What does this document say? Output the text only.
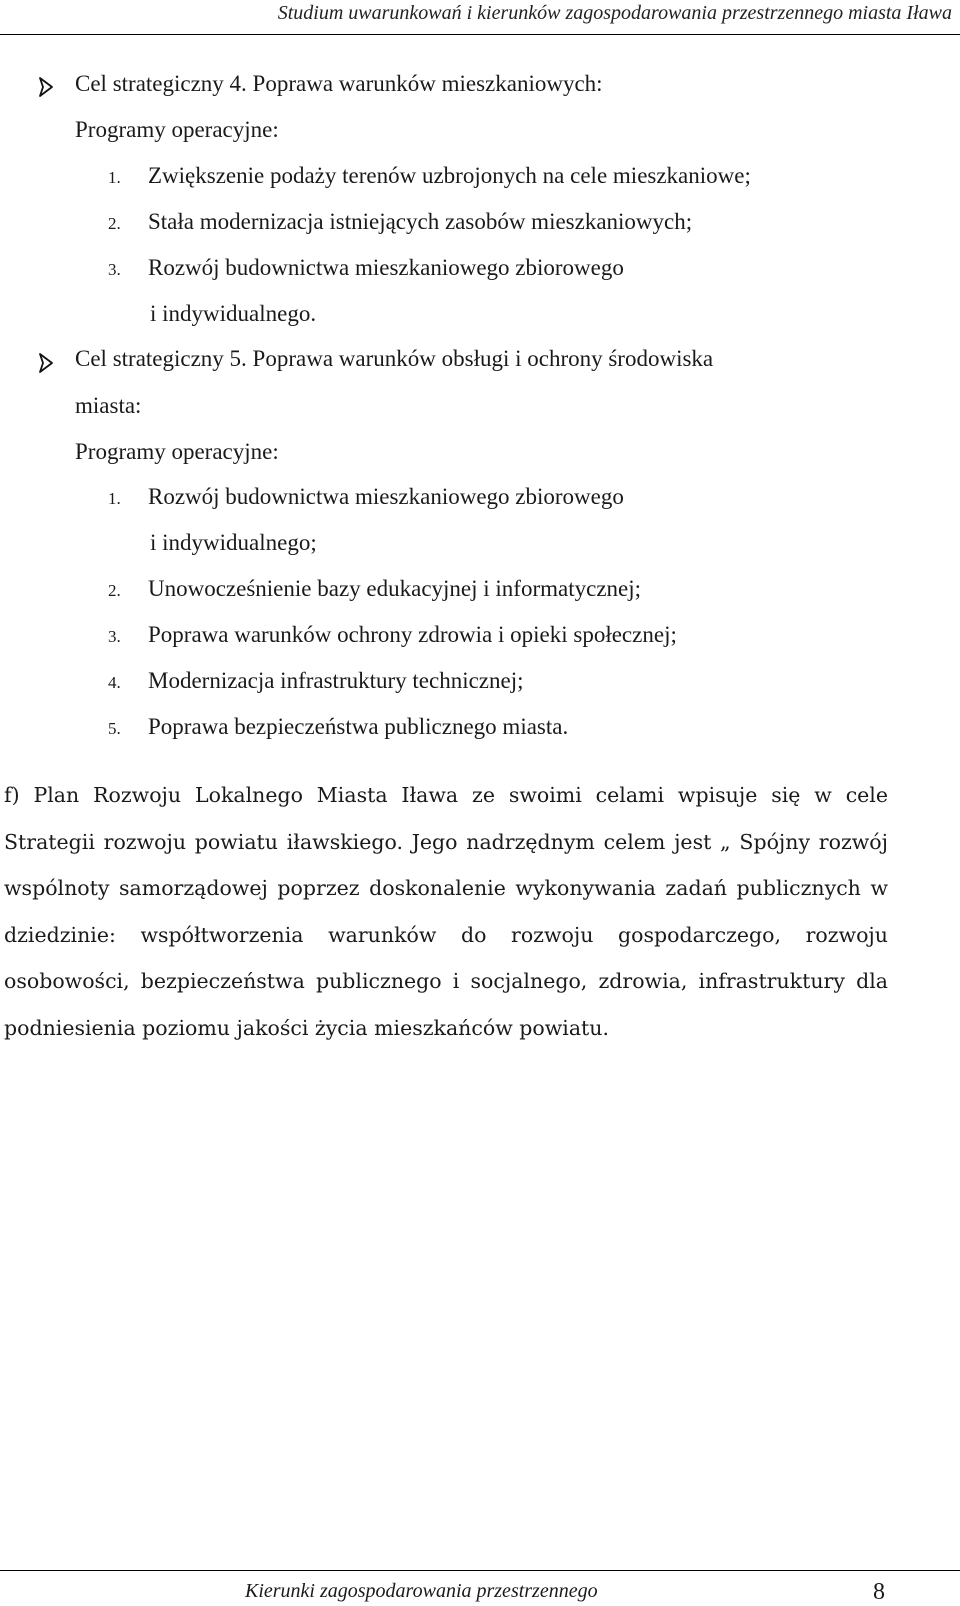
Studium uwarunkowań i kierunków zagospodarowania przestrzennego miasta Iława
Cel strategiczny 4. Poprawa warunków mieszkaniowych:
Programy operacyjne:
1. Zwiększenie podaży terenów uzbrojonych na cele mieszkaniowe;
2. Stała modernizacja istniejących zasobów mieszkaniowych;
3. Rozwój budownictwa mieszkaniowego zbiorowego
i indywidualnego.
Cel strategiczny 5. Poprawa warunków obsługi i ochrony środowiska
miasta:
Programy operacyjne:
1. Rozwój budownictwa mieszkaniowego zbiorowego
i indywidualnego;
2. Unowocześnienie bazy edukacyjnej i informatycznej;
3. Poprawa warunków ochrony zdrowia i opieki społecznej;
4. Modernizacja infrastruktury technicznej;
5. Poprawa bezpieczeństwa publicznego miasta.

f) Plan Rozwoju Lokalnego Miasta Iława ze swoimi celami wpisuje się w cele Strategii rozwoju powiatu iławskiego. Jego nadrzędnym celem jest „ Spójny rozwój wspólnoty samorządowej poprzez doskonalenie wykonywania zadań publicznych w dziedzinie: współtworzenia warunków do rozwoju gospodarczego, rozwoju osobowości, bezpieczeństwa publicznego i socjalnego, zdrowia, infrastruktury dla podniesienia poziomu jakości życia mieszkańców powiatu.

Kierunki zagospodarowania przestrzennego	8
